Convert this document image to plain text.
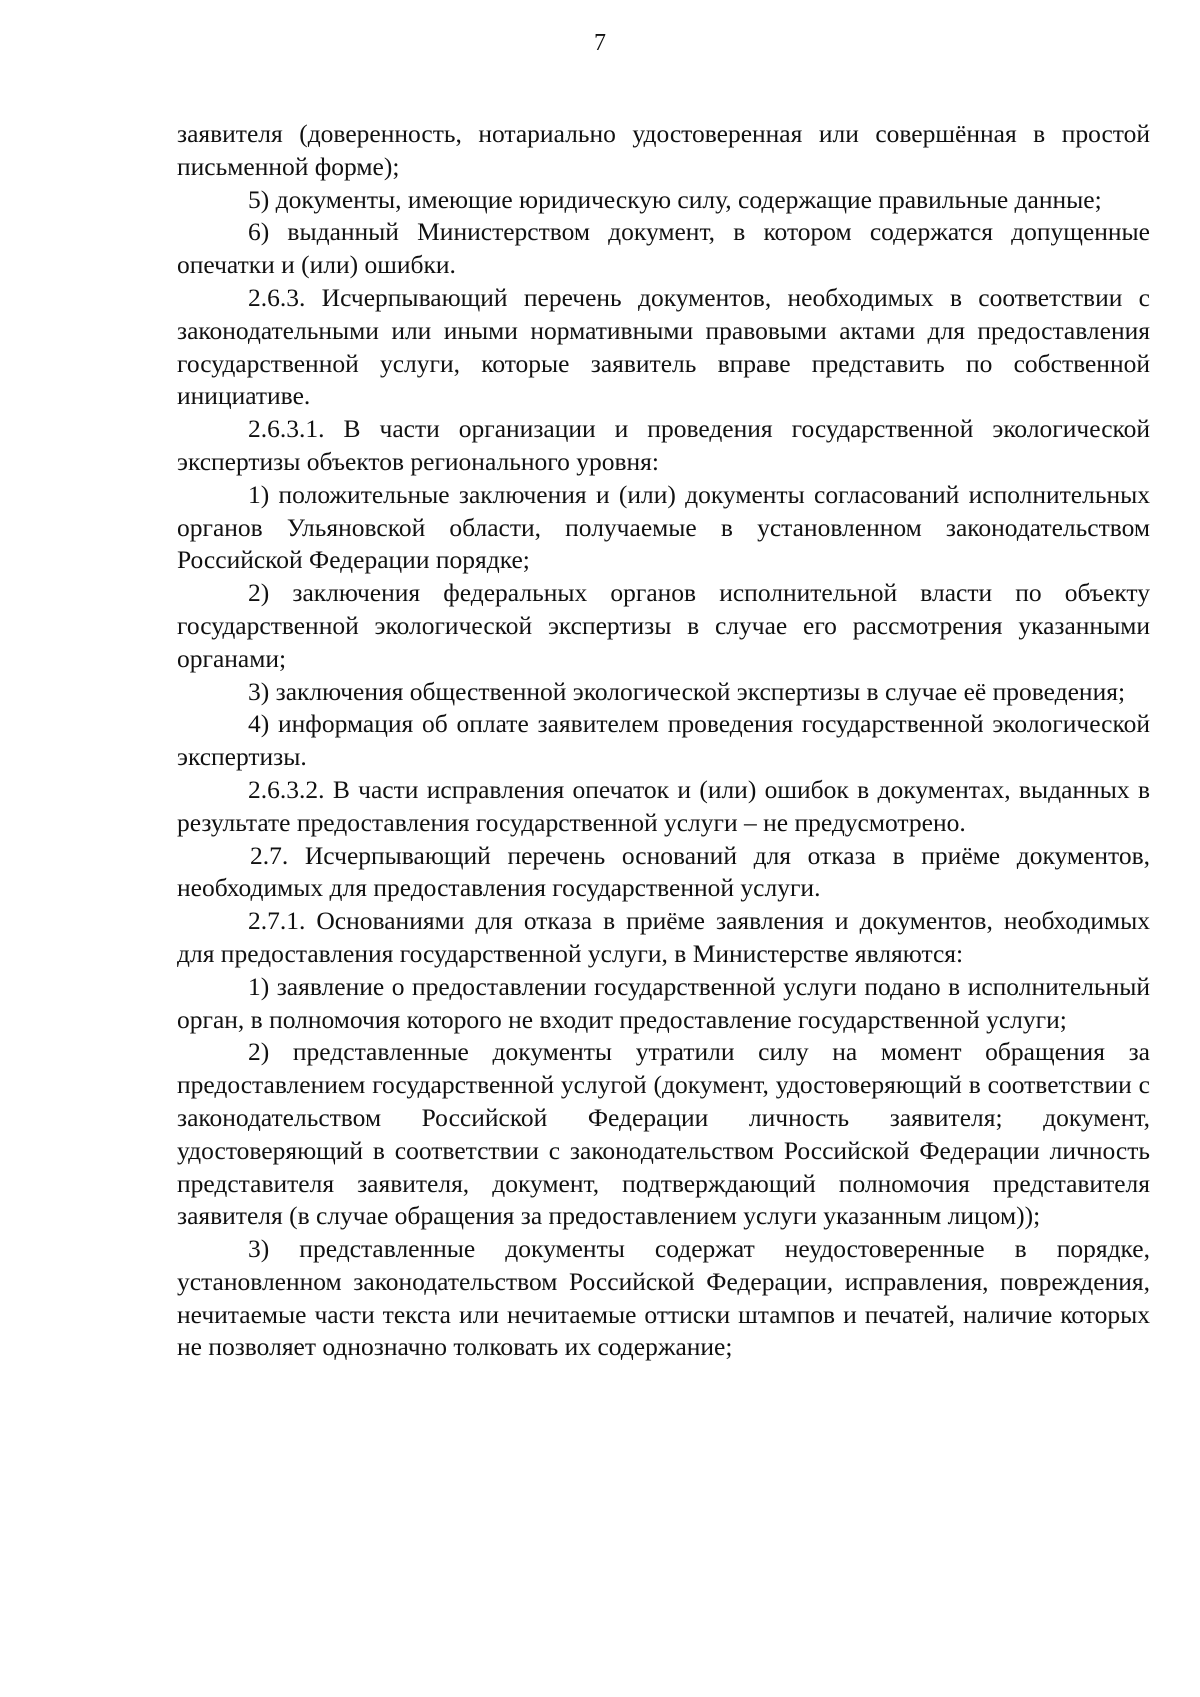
7

заявителя (доверенность, нотариально удостоверенная или совершённая в простой письменной форме);

5) документы, имеющие юридическую силу, содержащие правильные данные;

6) выданный Министерством документ, в котором содержатся допущенные опечатки и (или) ошибки.

2.6.3. Исчерпывающий перечень документов, необходимых в соответствии с законодательными или иными нормативными правовыми актами для предоставления государственной услуги, которые заявитель вправе представить по собственной инициативе.

2.6.3.1. В части организации и проведения государственной экологической экспертизы объектов регионального уровня:

1) положительные заключения и (или) документы согласований исполнительных органов Ульяновской области, получаемые в установленном законодательством Российской Федерации порядке;

2) заключения федеральных органов исполнительной власти по объекту государственной экологической экспертизы в случае его рассмотрения указанными органами;

3) заключения общественной экологической экспертизы в случае её проведения;

4) информация об оплате заявителем проведения государственной экологической экспертизы.

2.6.3.2. В части исправления опечаток и (или) ошибок в документах, выданных в результате предоставления государственной услуги – не предусмотрено.

2.7. Исчерпывающий перечень оснований для отказа в приёме документов, необходимых для предоставления государственной услуги.

2.7.1. Основаниями для отказа в приёме заявления и документов, необходимых для предоставления государственной услуги, в Министерстве являются:

1) заявление о предоставлении государственной услуги подано в исполнительный орган, в полномочия которого не входит предоставление государственной услуги;

2) представленные документы утратили силу на момент обращения за предоставлением государственной услугой (документ, удостоверяющий в соответствии с законодательством Российской Федерации личность заявителя; документ, удостоверяющий в соответствии с законодательством Российской Федерации личность представителя заявителя, документ, подтверждающий полномочия представителя заявителя (в случае обращения за предоставлением услуги указанным лицом));

3) представленные документы содержат неудостоверенные в порядке, установленном законодательством Российской Федерации, исправления, повреждения, нечитаемые части текста или нечитаемые оттиски штампов и печатей, наличие которых не позволяет однозначно толковать их содержание;
